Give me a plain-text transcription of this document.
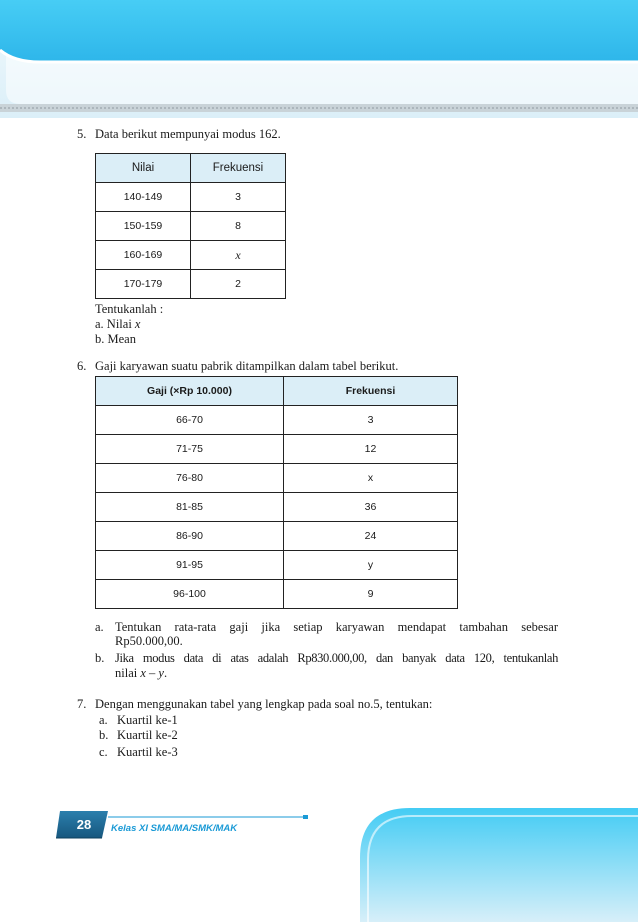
5. Data berikut mempunyai modus 162.
Nilai	Frekuensi
140-149	3
150-159	8
160-169	x
170-179	2
Tentukanlah :
a. Nilai x
b. Mean
6. Gaji karyawan suatu pabrik ditampilkan dalam tabel berikut.
Gaji (×Rp 10.000)	Frekuensi
66-70	3
71-75	12
76-80	x
81-85	36
86-90	24
91-95	y
96-100	9
a. Tentukan rata-rata gaji jika setiap karyawan mendapat tambahan sebesar
Rp50.000,00.
b. Jika modus data di atas adalah Rp830.000,00, dan banyak data 120, tentukanlah
nilai x – y.
7. Dengan menggunakan tabel yang lengkap pada soal no.5, tentukan:
a. Kuartil ke-1
b. Kuartil ke-2
c. Kuartil ke-3
28	Kelas XI SMA/MA/SMK/MAK
